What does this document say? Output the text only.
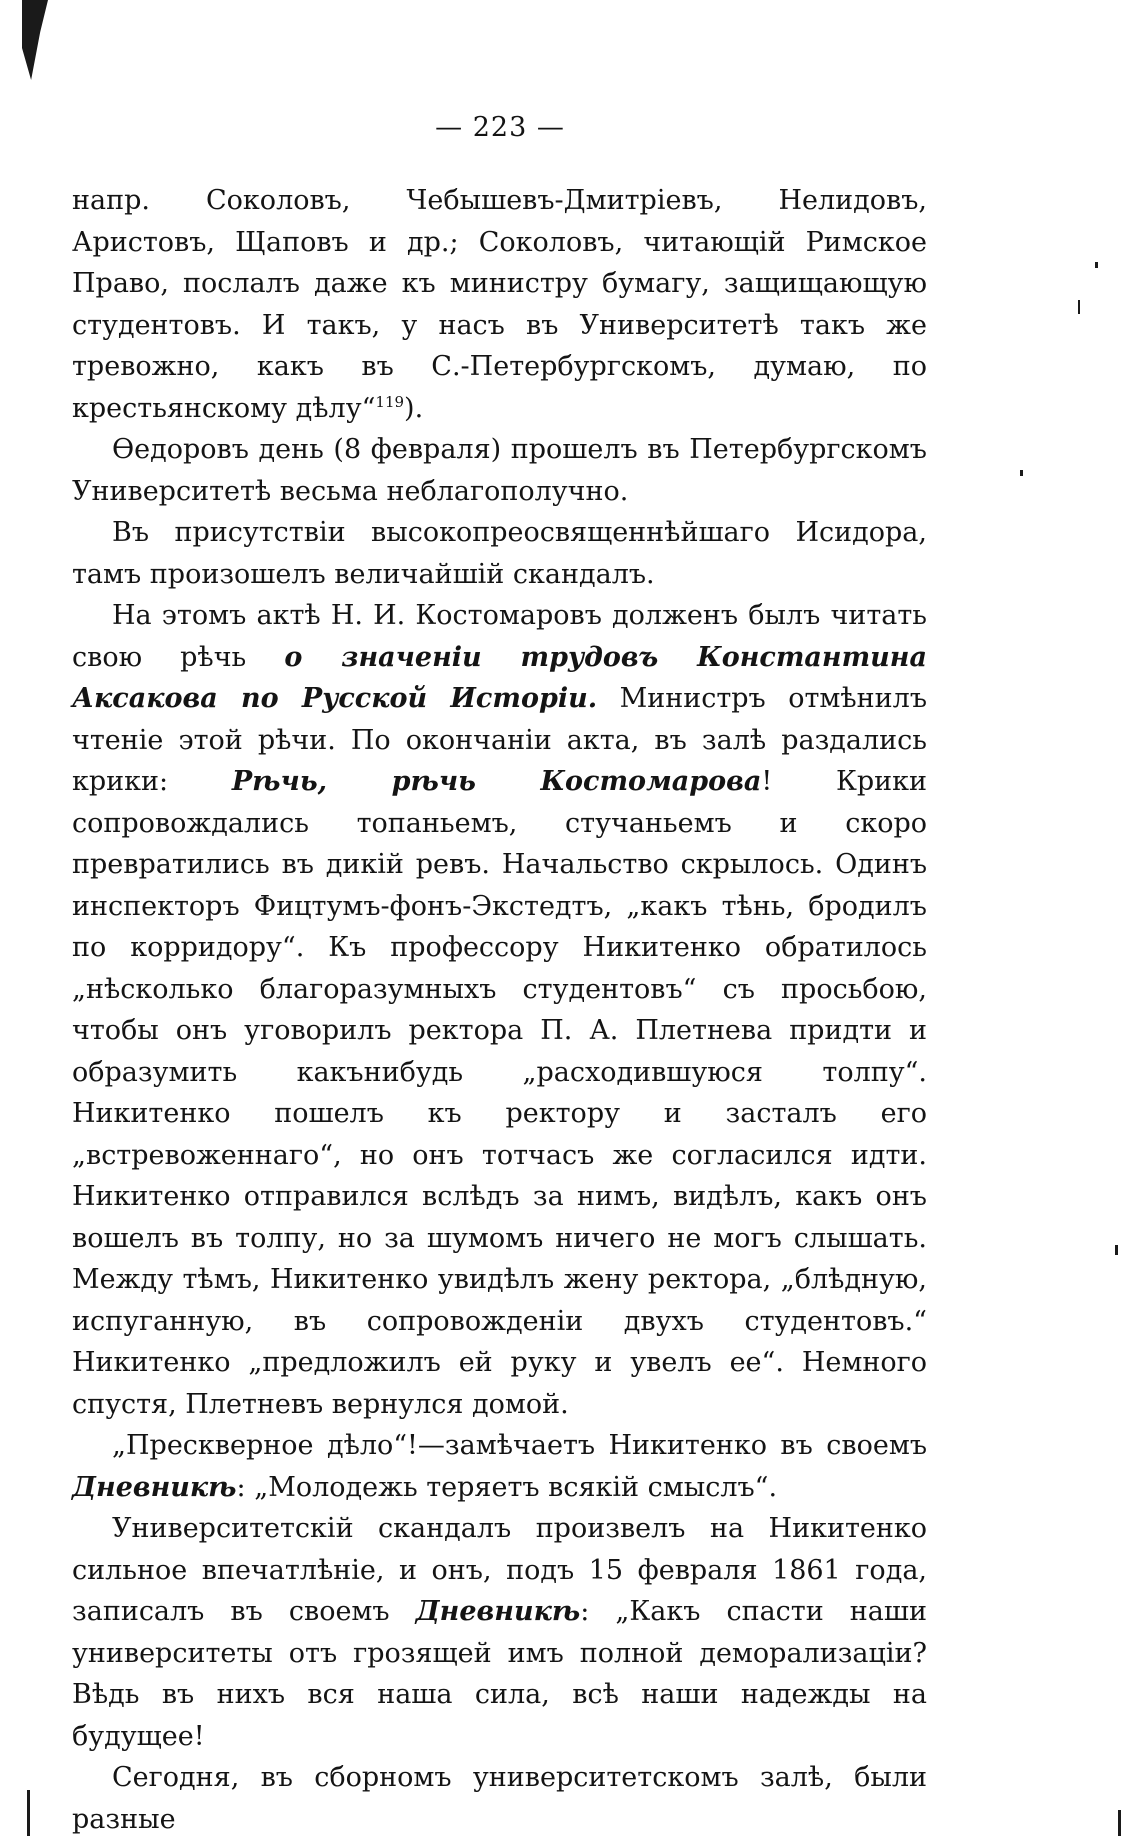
— 223 —

напр. Соколовъ, Чебышевъ-Дмитріевъ, Нелидовъ, Аристовъ, Щаповъ и др.; Соколовъ, читающій Римское Право, послалъ даже къ министру бумагу, защищающую студентовъ. И такъ, у насъ въ Университетѣ такъ же тревожно, какъ въ С.-Петербургскомъ, думаю, по крестьянскому дѣлу“$^{119}$).

Ѳедоровъ день (8 февраля) прошелъ въ Петербургскомъ Университетѣ весьма неблагополучно.

Въ присутствіи высокопреосвященнѣйшаго Исидора, тамъ произошелъ величайшій скандалъ.

На этомъ актѣ Н. И. Костомаровъ долженъ былъ читать свою рѣчь о значеніи трудовъ Константина Аксакова по Русской Исторіи. Министръ отмѣнилъ чтеніе этой рѣчи. По окончаніи акта, въ залѣ раздались крики: Рѣчь, рѣчь Костомарова! Крики сопровождались топаньемъ, стучаньемъ и скоро превратились въ дикій ревъ. Начальство скрылось. Одинъ инспекторъ Фицтумъ-фонъ-Экстедтъ, „какъ тѣнь, бродилъ по корридору“. Къ профессору Никитенко обратилось „нѣсколько благоразумныхъ студентовъ“ съ просьбою, чтобы онъ уговорилъ ректора П. А. Плетнева придти и образумить какънибудь „расходившуюся толпу“. Никитенко пошелъ къ ректору и засталъ его „встревоженнаго“, но онъ тотчасъ же согласился идти. Никитенко отправился вслѣдъ за нимъ, видѣлъ, какъ онъ вошелъ въ толпу, но за шумомъ ничего не могъ слышать. Между тѣмъ, Никитенко увидѣлъ жену ректора, „блѣдную, испуганную, въ сопровожденіи двухъ студентовъ.“ Никитенко „предложилъ ей руку и увелъ ее“. Немного спустя, Плетневъ вернулся домой.

„Пресквернoе дѣло“!—замѣчаетъ Никитенко въ своемъ Дневникѣ: „Молодежь теряетъ всякій смыслъ“.

Университетскій скандалъ произвелъ на Никитенко сильное впечатлѣніе, и онъ, подъ 15 февраля 1861 года, записалъ въ своемъ Дневникѣ: „Какъ спасти наши университеты отъ грозящей имъ полной деморализаціи? Вѣдь въ нихъ вся наша сила, всѣ наши надежды на будущее!

Сегодня, въ сборномъ университетскомъ залѣ, были разные
